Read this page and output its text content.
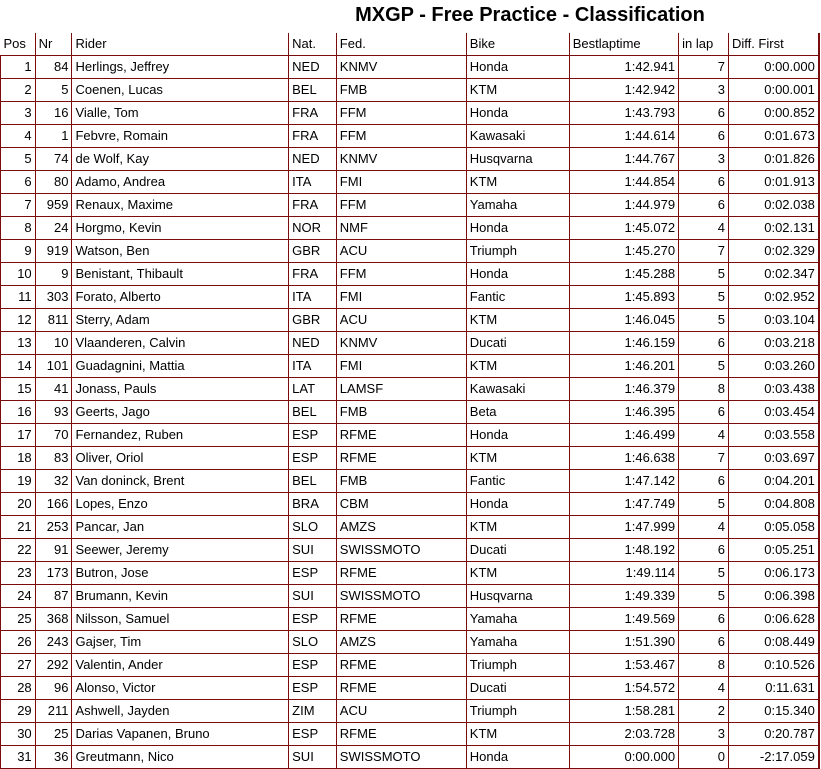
MXGP - Free Practice - Classification
Pos	Nr	Rider	Nat.	Fed.	Bike	Bestlaptime	in lap	Diff. First	
1	84	Herlings, Jeffrey	NED	KNMV	Honda	1:42.941	7	0:00.000	
2	5	Coenen, Lucas	BEL	FMB	KTM	1:42.942	3	0:00.001	
3	16	Vialle, Tom	FRA	FFM	Honda	1:43.793	6	0:00.852	
4	1	Febvre, Romain	FRA	FFM	Kawasaki	1:44.614	6	0:01.673	
5	74	de Wolf, Kay	NED	KNMV	Husqvarna	1:44.767	3	0:01.826	
6	80	Adamo, Andrea	ITA	FMI	KTM	1:44.854	6	0:01.913	
7	959	Renaux, Maxime	FRA	FFM	Yamaha	1:44.979	6	0:02.038	
8	24	Horgmo, Kevin	NOR	NMF	Honda	1:45.072	4	0:02.131	
9	919	Watson, Ben	GBR	ACU	Triumph	1:45.270	7	0:02.329	
10	9	Benistant, Thibault	FRA	FFM	Honda	1:45.288	5	0:02.347	
11	303	Forato, Alberto	ITA	FMI	Fantic	1:45.893	5	0:02.952	
12	811	Sterry, Adam	GBR	ACU	KTM	1:46.045	5	0:03.104	
13	10	Vlaanderen, Calvin	NED	KNMV	Ducati	1:46.159	6	0:03.218	
14	101	Guadagnini, Mattia	ITA	FMI	KTM	1:46.201	5	0:03.260	
15	41	Jonass, Pauls	LAT	LAMSF	Kawasaki	1:46.379	8	0:03.438	
16	93	Geerts, Jago	BEL	FMB	Beta	1:46.395	6	0:03.454	
17	70	Fernandez, Ruben	ESP	RFME	Honda	1:46.499	4	0:03.558	
18	83	Oliver, Oriol	ESP	RFME	KTM	1:46.638	7	0:03.697	
19	32	Van doninck, Brent	BEL	FMB	Fantic	1:47.142	6	0:04.201	
20	166	Lopes, Enzo	BRA	CBM	Honda	1:47.749	5	0:04.808	
21	253	Pancar, Jan	SLO	AMZS	KTM	1:47.999	4	0:05.058	
22	91	Seewer, Jeremy	SUI	SWISSMOTO	Ducati	1:48.192	6	0:05.251	
23	173	Butron, Jose	ESP	RFME	KTM	1:49.114	5	0:06.173	
24	87	Brumann, Kevin	SUI	SWISSMOTO	Husqvarna	1:49.339	5	0:06.398	
25	368	Nilsson, Samuel	ESP	RFME	Yamaha	1:49.569	6	0:06.628	
26	243	Gajser, Tim	SLO	AMZS	Yamaha	1:51.390	6	0:08.449	
27	292	Valentin, Ander	ESP	RFME	Triumph	1:53.467	8	0:10.526	
28	96	Alonso, Victor	ESP	RFME	Ducati	1:54.572	4	0:11.631	
29	211	Ashwell, Jayden	ZIM	ACU	Triumph	1:58.281	2	0:15.340	
30	25	Darias Vapanen, Bruno	ESP	RFME	KTM	2:03.728	3	0:20.787	
31	36	Greutmann, Nico	SUI	SWISSMOTO	Honda	0:00.000	0	-2:17.059	
